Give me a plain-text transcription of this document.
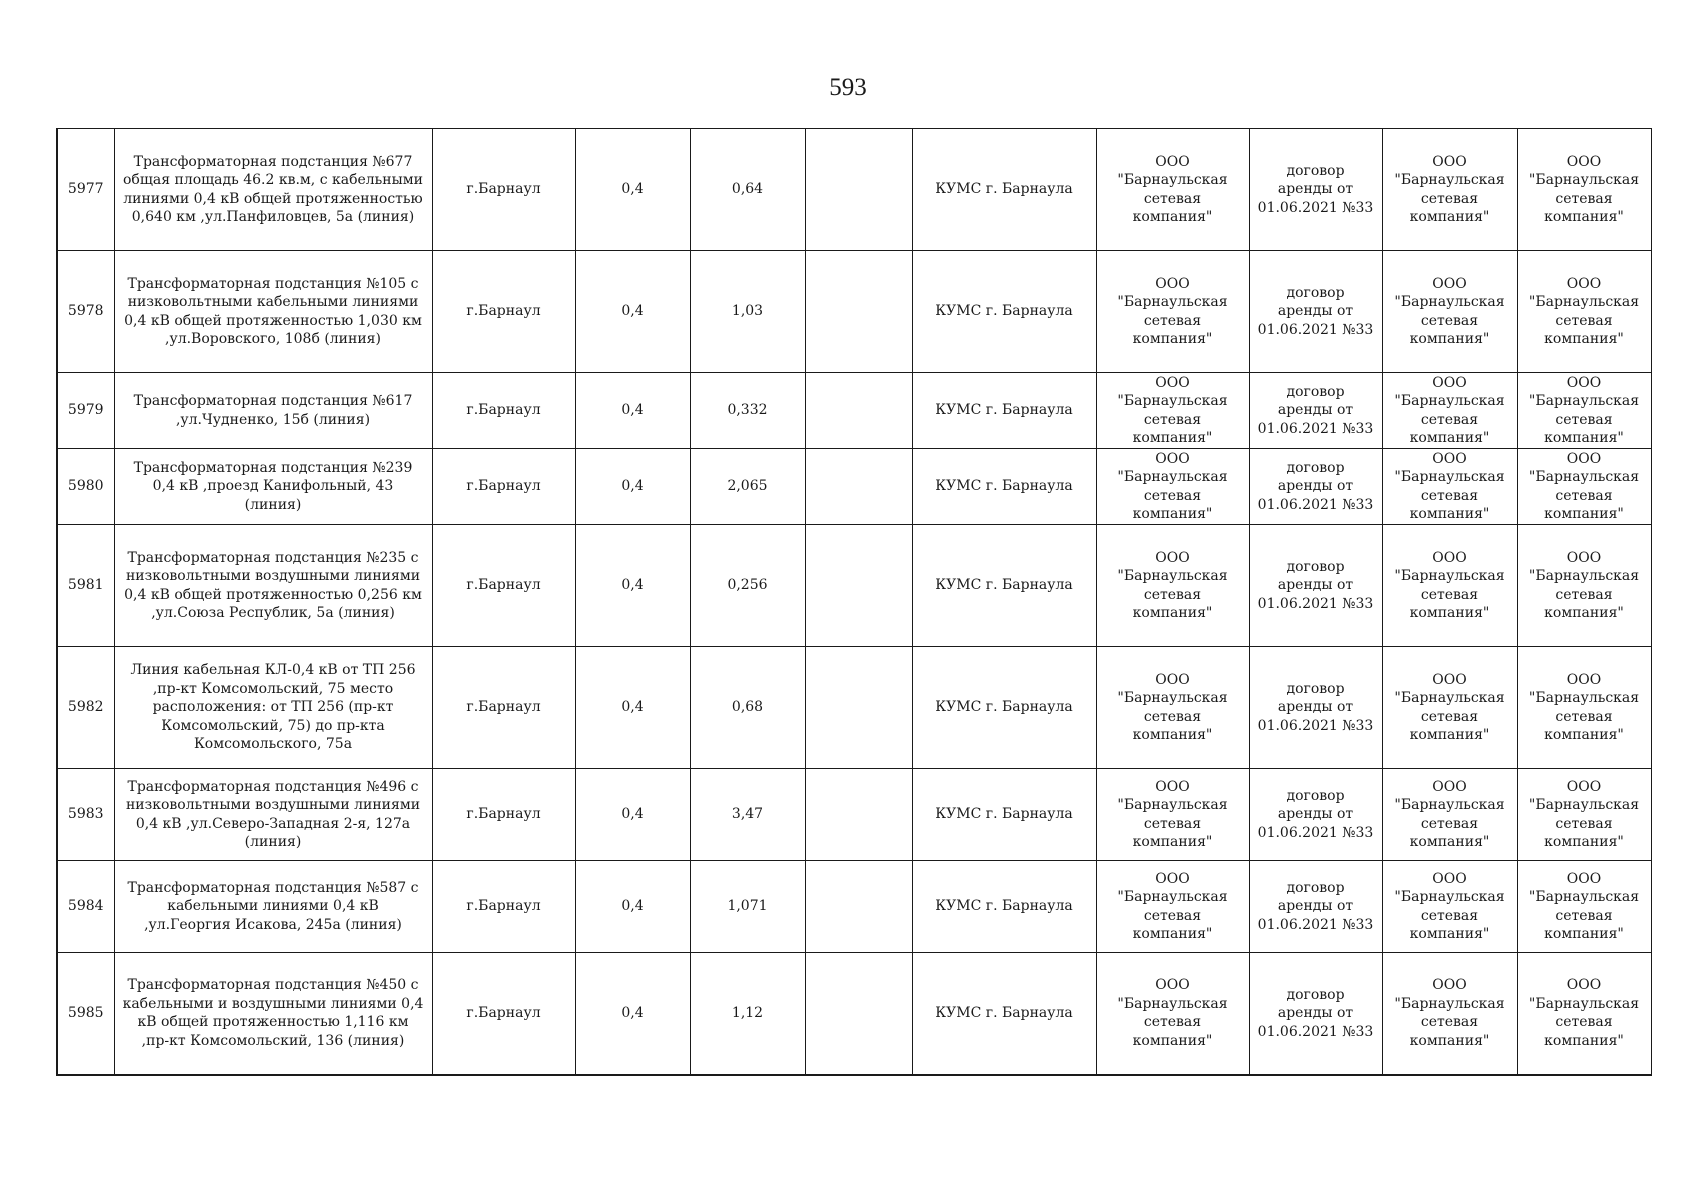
593
5977	Трансформаторная подстанция №677 общая площадь 46.2 кв.м, с кабельными линиями 0,4 кВ общей протяженностью 0,640 км ,ул.Панфиловцев, 5а (линия)	г.Барнаул	0,4	0,64		КУМС г. Барнаула	ООО "Барнаульская сетевая компания"	договор аренды от 01.06.2021 №33	ООО "Барнаульская сетевая компания"	ООО "Барнаульская сетевая компания"
5978	Трансформаторная подстанция №105 с низковольтными кабельными линиями 0,4 кВ общей протяженностью 1,030 км ,ул.Воровского, 108б (линия)	г.Барнаул	0,4	1,03		КУМС г. Барнаула	ООО "Барнаульская сетевая компания"	договор аренды от 01.06.2021 №33	ООО "Барнаульская сетевая компания"	ООО "Барнаульская сетевая компания"
5979	Трансформаторная подстанция №617 ,ул.Чудненко, 15б (линия)	г.Барнаул	0,4	0,332		КУМС г. Барнаула	ООО "Барнаульская сетевая компания"	договор аренды от 01.06.2021 №33	ООО "Барнаульская сетевая компания"	ООО "Барнаульская сетевая компания"
5980	Трансформаторная подстанция №239 0,4 кВ ,проезд Канифольный, 43 (линия)	г.Барнаул	0,4	2,065		КУМС г. Барнаула	ООО "Барнаульская сетевая компания"	договор аренды от 01.06.2021 №33	ООО "Барнаульская сетевая компания"	ООО "Барнаульская сетевая компания"
5981	Трансформаторная подстанция №235 с низковольтными воздушными линиями 0,4 кВ общей протяженностью 0,256 км ,ул.Союза Республик, 5а (линия)	г.Барнаул	0,4	0,256		КУМС г. Барнаула	ООО "Барнаульская сетевая компания"	договор аренды от 01.06.2021 №33	ООО "Барнаульская сетевая компания"	ООО "Барнаульская сетевая компания"
5982	Линия кабельная КЛ-0,4 кВ от ТП 256 ,пр-кт Комсомольский, 75 место расположения: от ТП 256 (пр-кт Комсомольский, 75) до пр-кта Комсомольского, 75а	г.Барнаул	0,4	0,68		КУМС г. Барнаула	ООО "Барнаульская сетевая компания"	договор аренды от 01.06.2021 №33	ООО "Барнаульская сетевая компания"	ООО "Барнаульская сетевая компания"
5983	Трансформаторная подстанция №496 с низковольтными воздушными линиями 0,4 кВ ,ул.Северо-Западная 2-я, 127а (линия)	г.Барнаул	0,4	3,47		КУМС г. Барнаула	ООО "Барнаульская сетевая компания"	договор аренды от 01.06.2021 №33	ООО "Барнаульская сетевая компания"	ООО "Барнаульская сетевая компания"
5984	Трансформаторная подстанция №587 с кабельными линиями 0,4 кВ ,ул.Георгия Исакова, 245а (линия)	г.Барнаул	0,4	1,071		КУМС г. Барнаула	ООО "Барнаульская сетевая компания"	договор аренды от 01.06.2021 №33	ООО "Барнаульская сетевая компания"	ООО "Барнаульская сетевая компания"
5985	Трансформаторная подстанция №450 с кабельными и воздушными линиями 0,4 кВ общей протяженностью 1,116 км ,пр-кт Комсомольский, 136 (линия)	г.Барнаул	0,4	1,12		КУМС г. Барнаула	ООО "Барнаульская сетевая компания"	договор аренды от 01.06.2021 №33	ООО "Барнаульская сетевая компания"	ООО "Барнаульская сетевая компания"
